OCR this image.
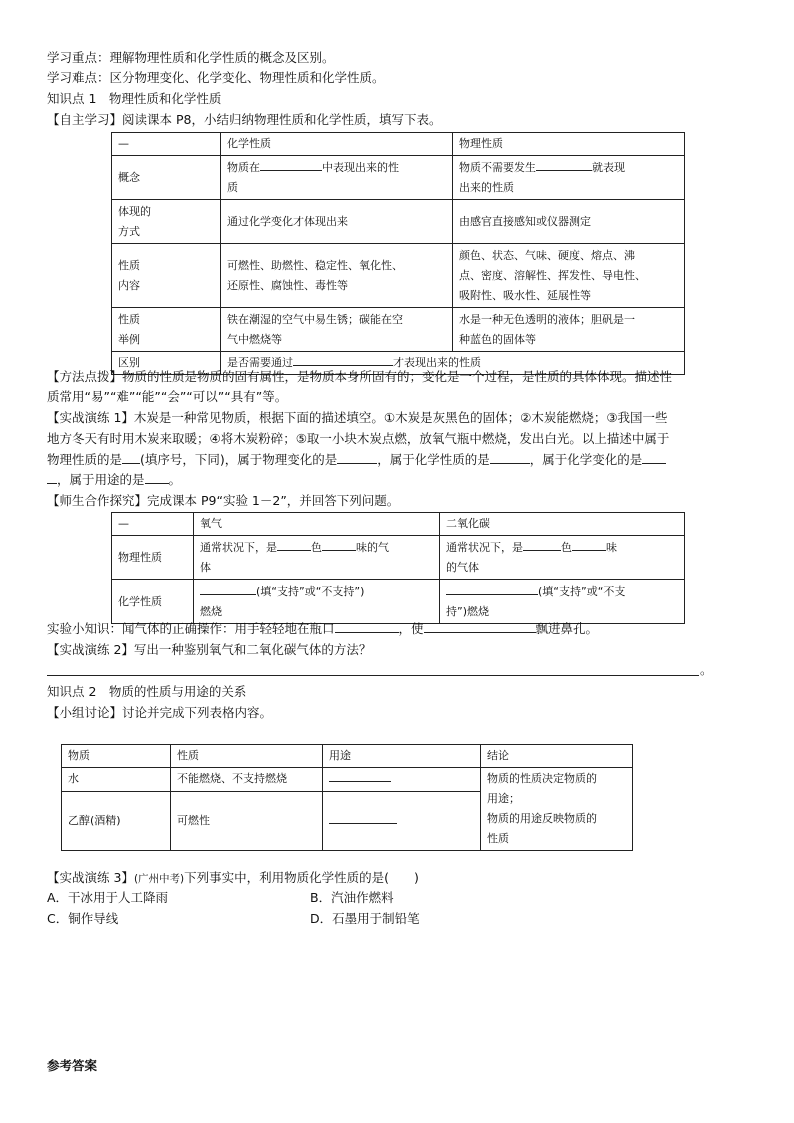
学习重点：理解物理性质和化学性质的概念及区别。
学习难点：区分物理变化、化学变化、物理性质和化学性质。
知识点 1　物理性质和化学性质
【自主学习】阅读课本 P8，小结归纳物理性质和化学性质，填写下表。
—	化学性质	物理性质
概念	物质在 中表现出来的性
质	物质不需要发生 就表现
出来的性质
体现的
方式	通过化学变化才体现出来	由感官直接感知或仪器测定
性质
内容	可燃性、助燃性、稳定性、氧化性、
还原性、腐蚀性、毒性等	颜色、状态、气味、硬度、熔点、沸
点、密度、溶解性、挥发性、导电性、
吸附性、吸水性、延展性等
性质
举例	铁在潮湿的空气中易生锈；碳能在空
气中燃烧等	水是一种无色透明的液体；胆矾是一
种蓝色的固体等
区别	是否需要通过 才表现出来的性质	
【方法点拨】物质的性质是物质的固有属性，是物质本身所固有的；变化是一个过程，是性质的具体体现。描述性
质常用“易”“难”“能”“会”“可以”“具有”等。
【实战演练 1】木炭是一种常见物质，根据下面的描述填空。①木炭是灰黑色的固体；②木炭能燃烧；③我国一些
地方冬天有时用木炭来取暖；④将木炭粉碎；⑤取一小块木炭点燃，放氧气瓶中燃烧，发出白光。以上描述中属于
物理性质的是 (填序号，下同)，属于物理变化的是	，属于化学性质的是	，属于化学变化的是
，属于用途的是 。
【师生合作探究】完成课本 P9“实验 1－2”，并回答下列问题。
—	氧气	二氧化碳
物理性质	通常状况下，是 色 味的气
体	通常状况下，是 色 味
的气体
化学性质	(填“支持”或“不支持”)
燃烧	(填“支持”或“不支
持”)燃烧
实验小知识：闻气体的正确操作：用手轻轻地在瓶口	，使	飘进鼻孔。
【实战演练 2】写出一种鉴别氧气和二氧化碳气体的方法？
。
知识点 2　物质的性质与用途的关系
【小组讨论】讨论并完成下列表格内容。
物质	性质	用途	结论
水	不能燃烧、不支持燃烧		物质的性质决定物质的
用途；
物质的用途反映物质的
性质
乙醇(酒精)	可燃性		
【实战演练 3】(广州中考)下列事实中，利用物质化学性质的是(　　)
A．干冰用于人工降雨	B．汽油作燃料
C．铜作导线	D．石墨用于制铅笔
参考答案
